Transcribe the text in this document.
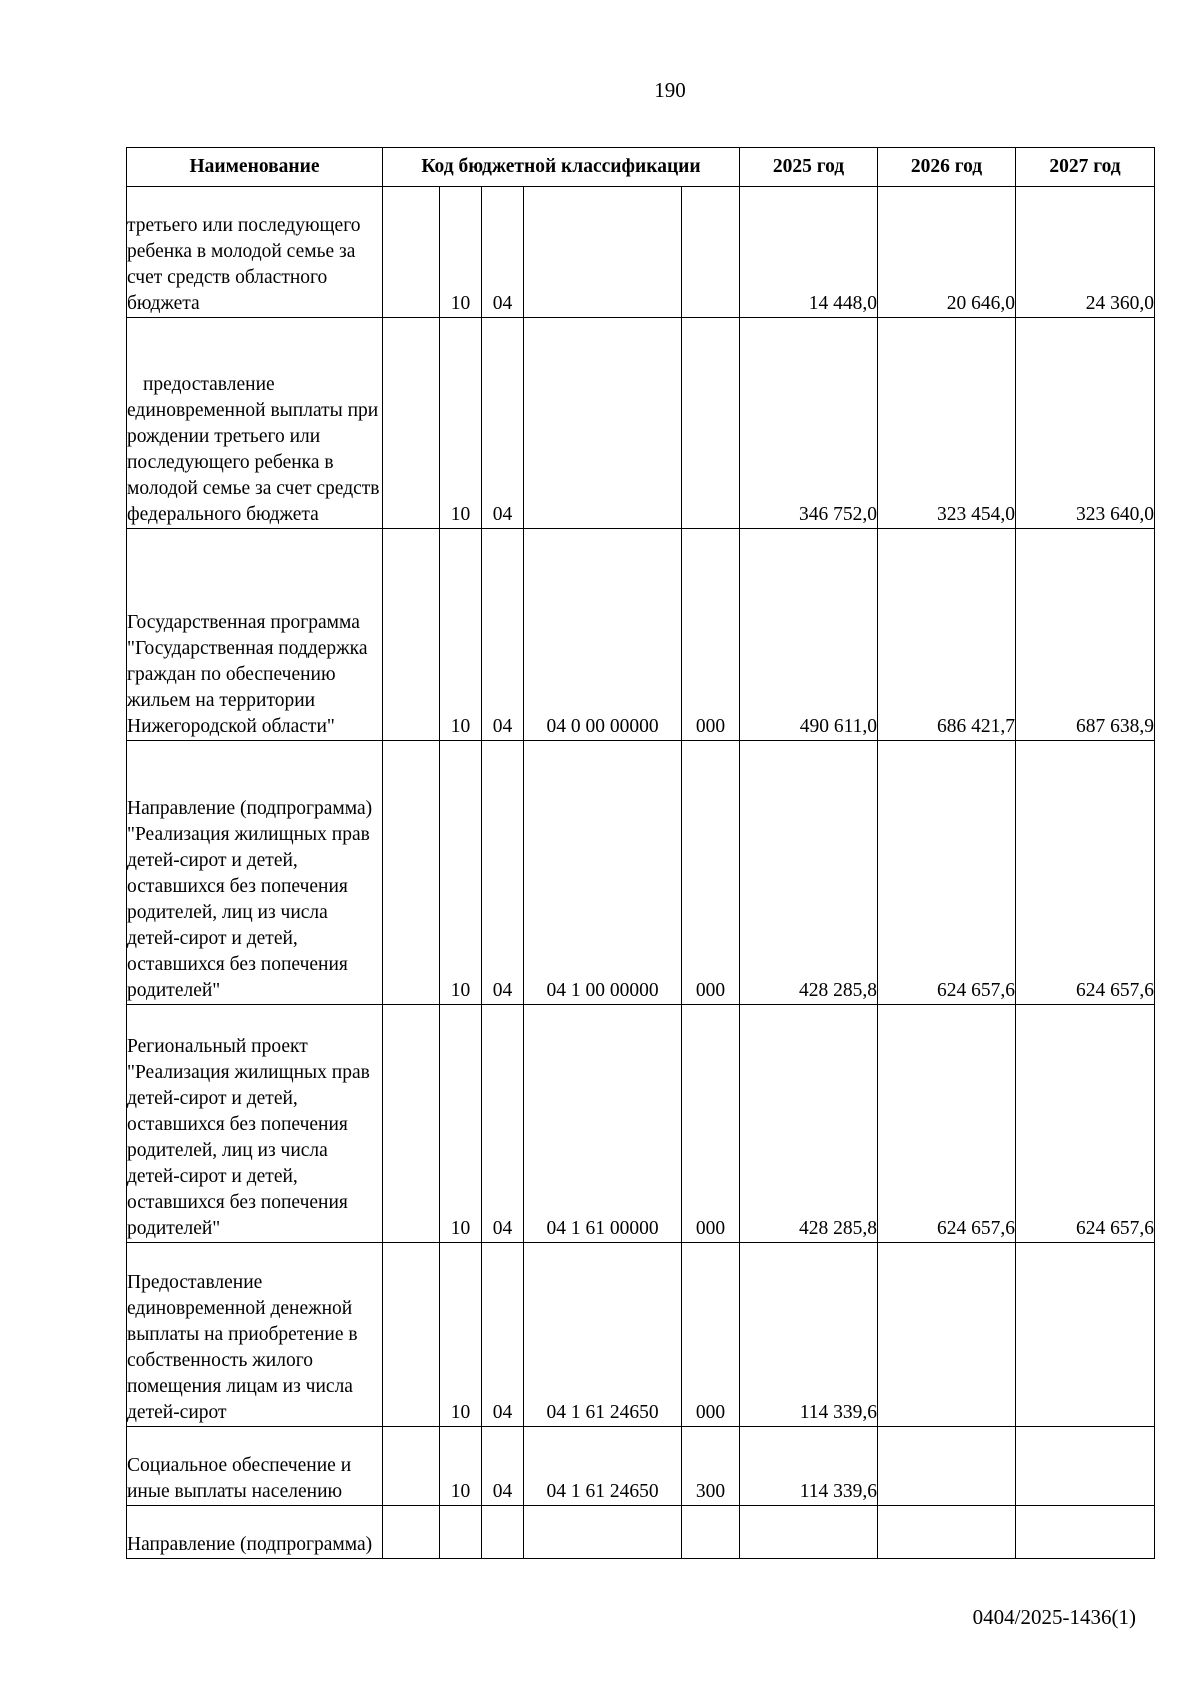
190
Наименование	Код бюджетной классификации					2025 год	2026 год	2027 год

третьего или последующего ребенка в молодой семье за счет средств областного бюджета		10	04			14 448,0	20 646,0	24 360,0

предоставление единовременной выплаты при рождении третьего или последующего ребенка в молодой семье за счет средств федерального бюджета		10	04			346 752,0	323 454,0	323 640,0

Государственная программа "Государственная поддержка граждан по обеспечению жильем на территории Нижегородской области"		10	04	04 0 00 00000	000	490 611,0	686 421,7	687 638,9

Направление (подпрограмма) "Реализация жилищных прав детей-сирот и детей, оставшихся без попечения родителей, лиц из числа детей-сирот и детей, оставшихся без попечения родителей"		10	04	04 1 00 00000	000	428 285,8	624 657,6	624 657,6

Региональный проект "Реализация жилищных прав детей-сирот и детей, оставшихся без попечения родителей, лиц из числа детей-сирот и детей, оставшихся без попечения родителей"		10	04	04 1 61 00000	000	428 285,8	624 657,6	624 657,6

Предоставление единовременной денежной выплаты на приобретение в собственность жилого помещения лицам из числа детей-сирот		10	04	04 1 61 24650	000	114 339,6		

Социальное обеспечение и иные выплаты населению		10	04	04 1 61 24650	300	114 339,6		

Направление (подпрограмма)								

0404/2025-1436(1)
